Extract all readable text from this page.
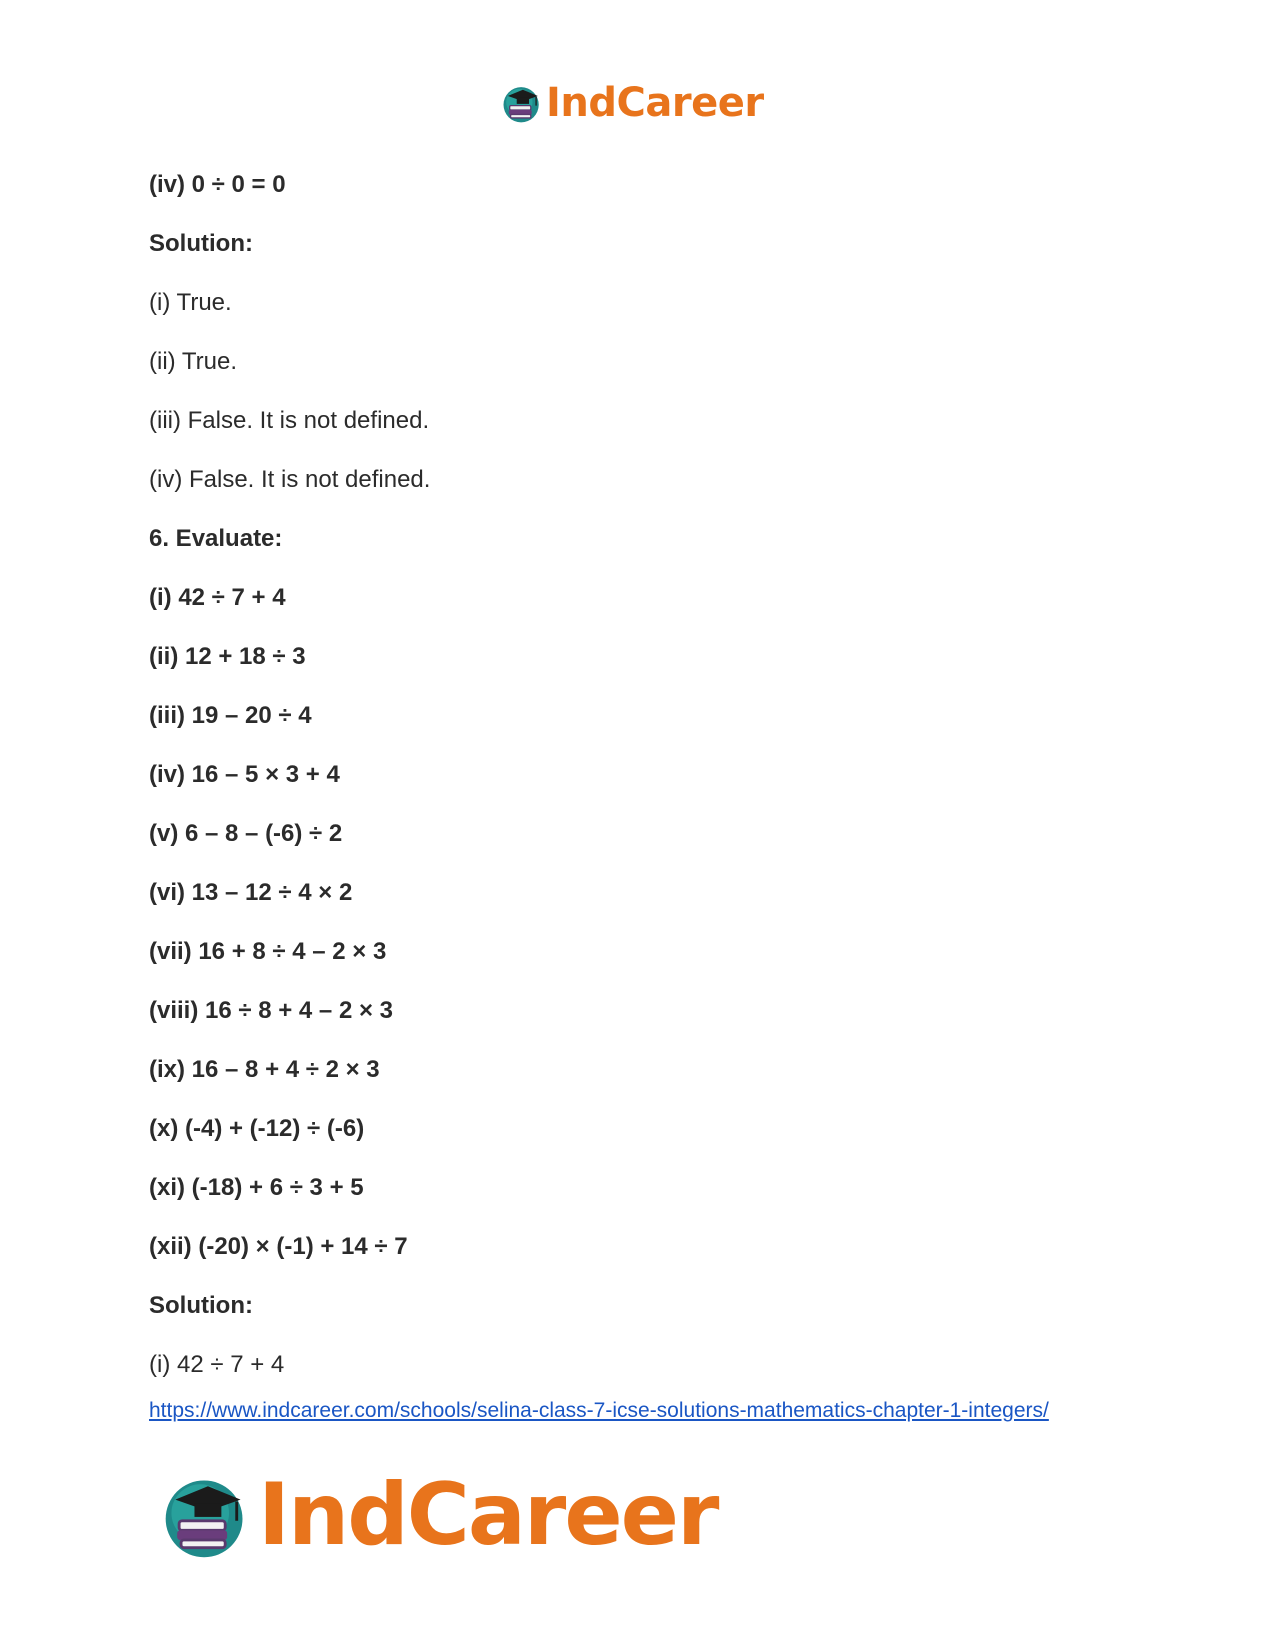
IndCareer
(iv) 0 ÷ 0 = 0
Solution:
(i) True.
(ii) True.
(iii) False. It is not defined.
(iv) False. It is not defined.
6. Evaluate:
(i) 42 ÷ 7 + 4
(ii) 12 + 18 ÷ 3
(iii) 19 – 20 ÷ 4
(iv) 16 – 5 × 3 + 4
(v) 6 – 8 – (-6) ÷ 2
(vi) 13 – 12 ÷ 4 × 2
(vii) 16 + 8 ÷ 4 – 2 × 3
(viii) 16 ÷ 8 + 4 – 2 × 3
(ix) 16 – 8 + 4 ÷ 2 × 3
(x) (-4) + (-12) ÷ (-6)
(xi) (-18) + 6 ÷ 3 + 5
(xii) (-20) × (-1) + 14 ÷ 7
Solution:
(i) 42 ÷ 7 + 4
https://www.indcareer.com/schools/selina-class-7-icse-solutions-mathematics-chapter-1-integers/
IndCareer
